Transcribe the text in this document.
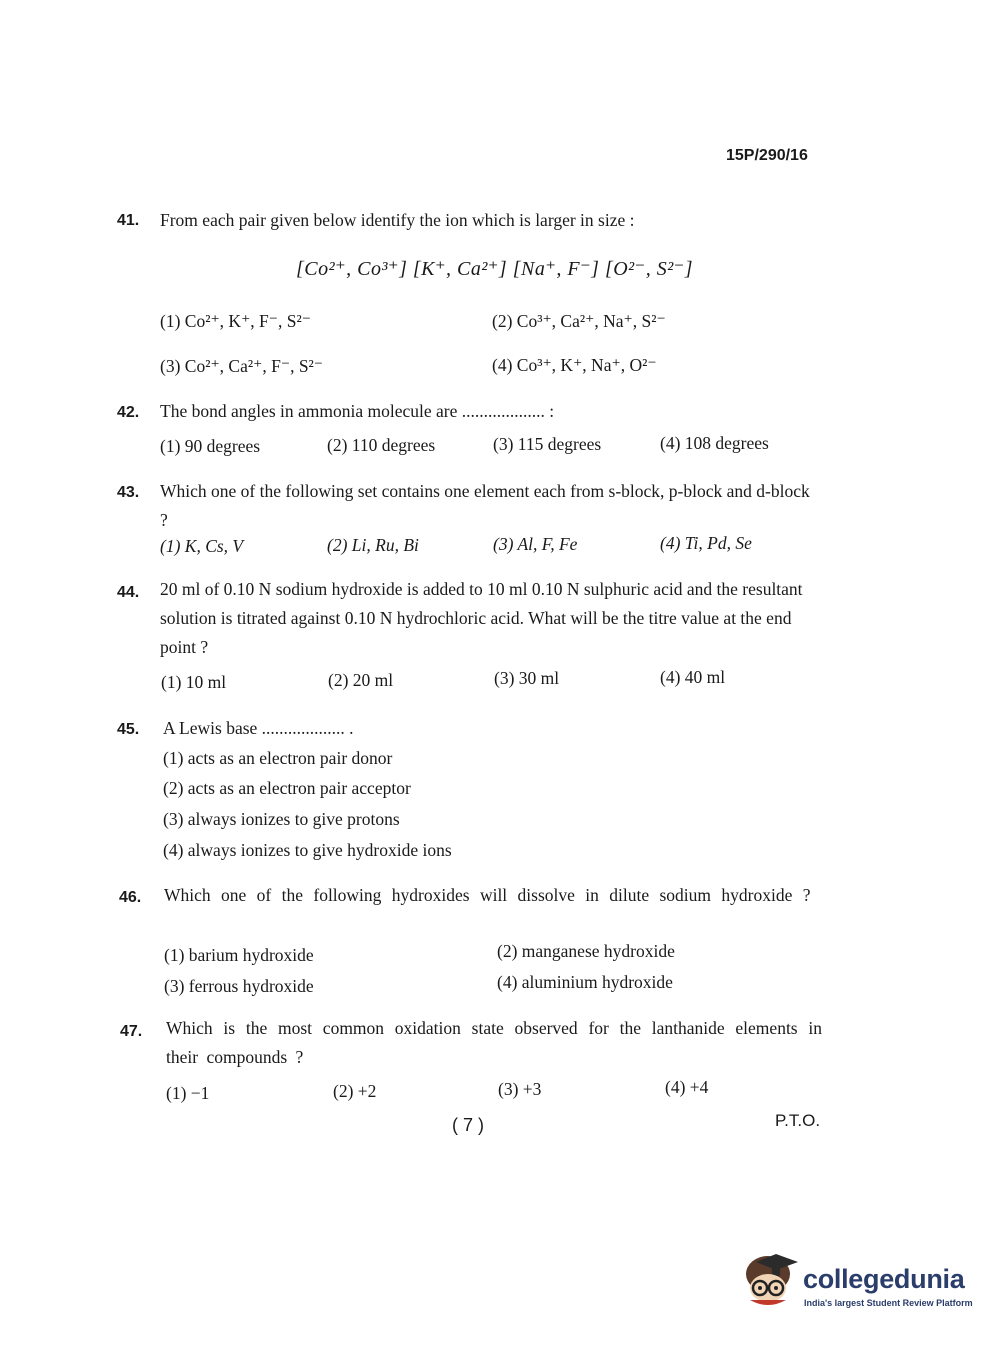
15P/290/16
41. From each pair given below identify the ion which is larger in size :
[Co²⁺, Co³⁺] [K⁺, Ca²⁺] [Na⁺, F⁻] [O²⁻, S²⁻]
(1) Co²⁺, K⁺, F⁻, S²⁻	(2) Co³⁺, Ca²⁺, Na⁺, S²⁻
(3) Co²⁺, Ca²⁺, F⁻, S²⁻	(4) Co³⁺, K⁺, Na⁺, O²⁻
42. The bond angles in ammonia molecule are ................... :
(1) 90 degrees	(2) 110 degrees	(3) 115 degrees	(4) 108 degrees
43. Which one of the following set contains one element each from s-block, p-block and d-block ?
(1) K, Cs, V	(2) Li, Ru, Bi	(3) Al, F, Fe	(4) Ti, Pd, Se
44. 20 ml of 0.10 N sodium hydroxide is added to 10 ml 0.10 N sulphuric acid and the resultant solution is titrated against 0.10 N hydrochloric acid. What will be the titre value at the end point ?
(1) 10 ml	(2) 20 ml	(3) 30 ml	(4) 40 ml
45. A Lewis base ................... .
(1) acts as an electron pair donor
(2) acts as an electron pair acceptor
(3) always ionizes to give protons
(4) always ionizes to give hydroxide ions
46. Which one of the following hydroxides will dissolve in dilute sodium hydroxide ?
(1) barium hydroxide	(2) manganese hydroxide
(3) ferrous hydroxide	(4) aluminium hydroxide
47. Which is the most common oxidation state observed for the lanthanide elements in their compounds ?
(1) −1	(2) +2	(3) +3	(4) +4
( 7 )	P.T.O.
collegedunia
India's largest Student Review Platform
